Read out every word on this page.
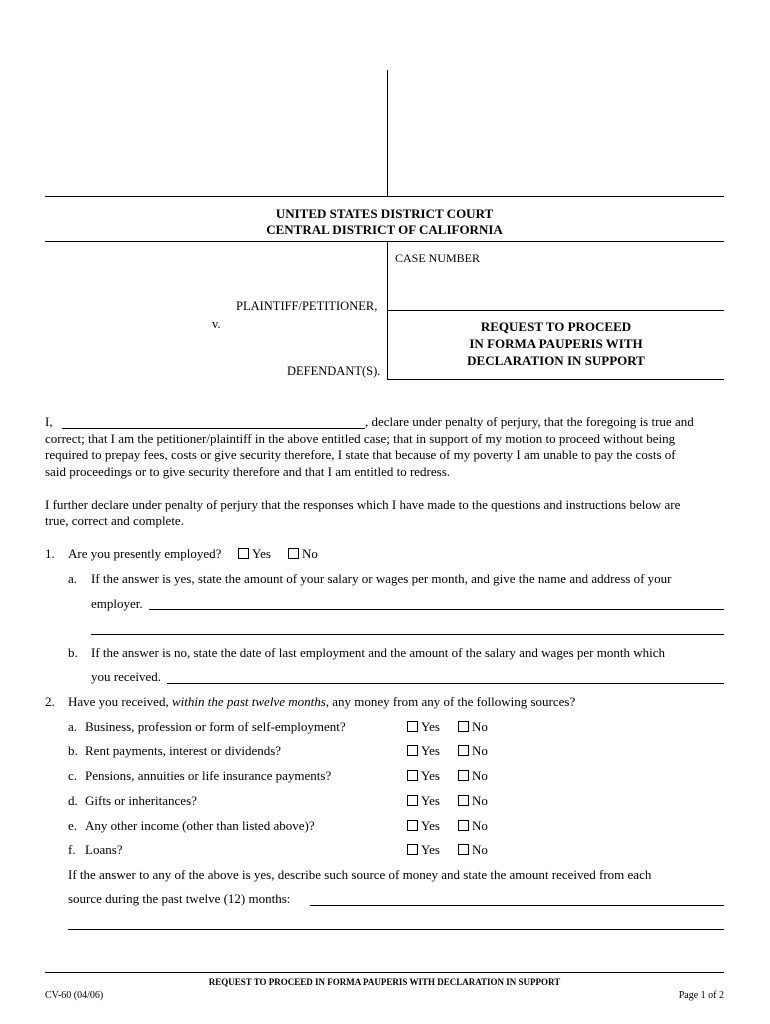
UNITED STATES DISTRICT COURT
CENTRAL DISTRICT OF CALIFORNIA
CASE NUMBER
PLAINTIFF/PETITIONER,
v.
DEFENDANT(S).
REQUEST TO PROCEED
IN FORMA PAUPERIS WITH
DECLARATION IN SUPPORT
I,	, declare under penalty of perjury, that the foregoing is true and
correct; that I am the petitioner/plaintiff in the above entitled case; that in support of my motion to proceed without being
required to prepay fees, costs or give security therefore, I state that because of my poverty I am unable to pay the costs of
said proceedings or to give security therefore and that I am entitled to redress.
I further declare under penalty of perjury that the responses which I have made to the questions and instructions below are
true, correct and complete.
1. Are you presently employed?	Yes	No
a. If the answer is yes, state the amount of your salary or wages per month, and give the name and address of your
employer.
b. If the answer is no, state the date of last employment and the amount of the salary and wages per month which
you received.
2. Have you received, within the past twelve months, any money from any of the following sources?
a. Business, profession or form of self-employment?	Yes	No
b. Rent payments, interest or dividends?	Yes	No
c. Pensions, annuities or life insurance payments?	Yes	No
d. Gifts or inheritances?	Yes	No
e. Any other income (other than listed above)?	Yes	No
f. Loans?	Yes	No
If the answer to any of the above is yes, describe such source of money and state the amount received from each
source during the past twelve (12) months:
REQUEST TO PROCEED IN FORMA PAUPERIS WITH DECLARATION IN SUPPORT
CV-60 (04/06)	Page 1 of 2
